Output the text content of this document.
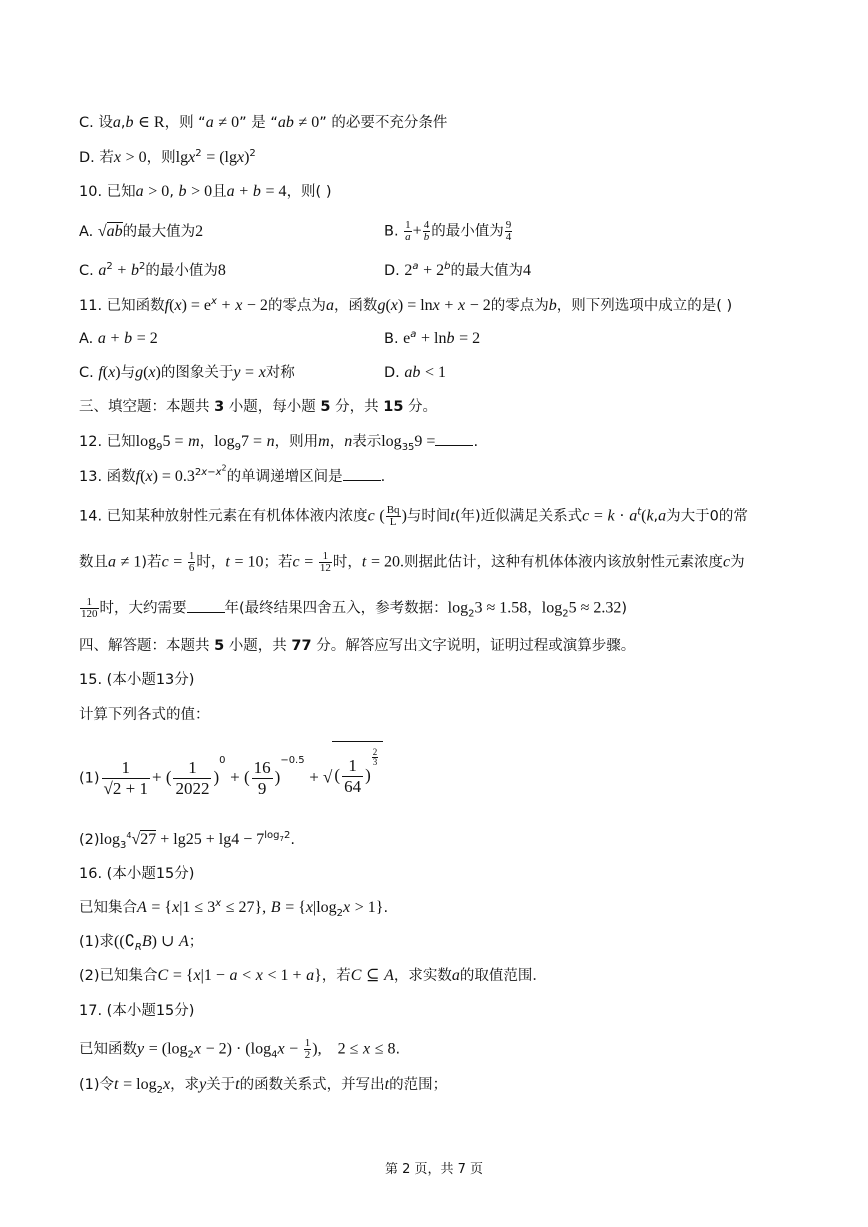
C. 设a,b ∈ R，则 “a ≠ 0” 是 “ab ≠ 0” 的必要不充分条件
D. 若x > 0，则$\lg x^2 = (\lg x)^2$
10. 已知a > 0, b > 0且a + b = 4，则( )
A. √ab的最大值为2	B. $\frac{1}{a} + \frac{4}{b}$ 的最小值为 $\frac{9}{4}$
C. $a^2 + b^2$的最小值为8	D. $2^a + 2^b$的最大值为4
11. 已知函数$f(x) = e^x + x - 2$的零点为a，函数g(x) = lnx + x − 2的零点为b，则下列选项中成立的是( )
A. a + b = 2	B. $e^a + \ln b = 2$
C. f(x)与g(x)的图象关于y = x对称	D. ab < 1
三、填空题：本题共 3 小题，每小题 5 分，共 15 分。
12. 已知$\log_95 = m$，$\log_97 = n$，则用m，n表示$\log_{35}9$ =	.
13. 函数$f(x) = 0.3^{2x-x^2}$的单调递增区间是	.
14. 已知某种放射性元素在有机体体液内浓度c ( $\frac{Bq}{L}$ )与时间t(年)近似满足关系式$c = k \cdot a^t(k,a$为大于0的常
数且a ≠ 1)若$c = \frac{1}{6}$ 时，t = 10；若$c = \frac{1}{12}$ 时，t = 20.则据此估计，这种有机体体液内该放射性元素浓度c为
$\frac{1}{120}$ 时，大约需要	年(最终结果四舍五入，参考数据：$\log_23 \approx 1.58$，$\log_25 \approx 2.32$)
四、解答题：本题共 5 小题，共 77 分。解答应写出文字说明，证明过程或演算步骤。
15. (本小题13分)
计算下列各式的值：
$(1) \frac{1}{√2 + 1}$ + ( $\frac{1}{2022} )^0$ + ( $\frac{16}{9} )^{-0.5}$ + √ ( $\frac{1}{64}$ )
$^{\frac{2}{3}}$
$(2)\log_3^4√27 + \lg 25 + \lg 4 - 7^{log_72}$.
16. (本小题15分)
已知集合$A = \{x|1 \le 3^x \le 27\}$, $B = \{x|\log_2x > 1\}$.
(1)求($(∁_RB)$ ∪ A；
(2)已知集合C = {x|1 − a < x < 1 + a}，若C ⊆ A，求实数a的取值范围．
17. (本小题15分)
已知函数$y = (\log_2x - 2) \cdot (\log_4x - \frac{1}{2}$ ),    2 ≤ x ≤ 8.
(1)令$t = \log_2x$，求y关于t的函数关系式，并写出t的范围；
第 2 页，共 7 页
